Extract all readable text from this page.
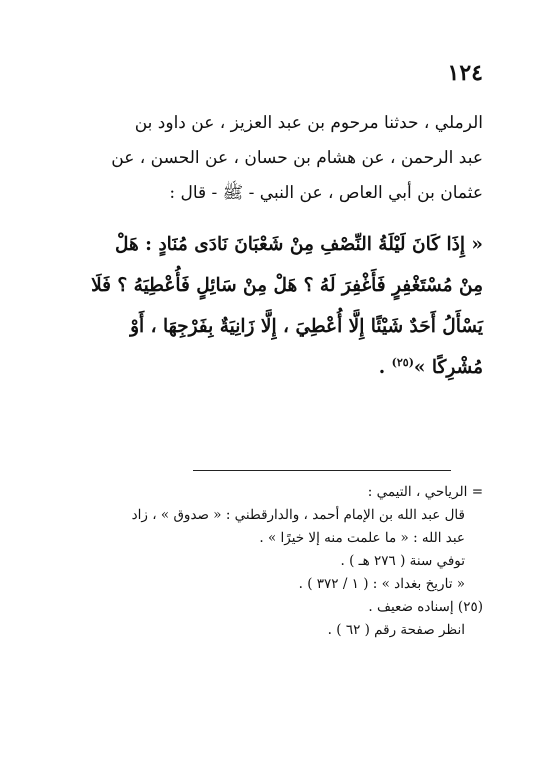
١٢٤
الرملي ، حدثنا مرحوم بن عبد العزيز ، عن داود بن
عبد الرحمن ، عن هشام بن حسان ، عن الحسن ، عن
عثمان بن أبي العاص ، عن النبي - ﷺ - قال :
« إِذَا كَانَ لَيْلَةُ النِّصْفِ مِنْ شَعْبَانَ نَادَى مُنَادٍ : هَلْ
مِنْ مُسْتَغْفِرٍ فَأَغْفِرَ لَهُ ؟ هَلْ مِنْ سَائِلٍ فَأُعْطِيَهُ ؟ فَلَا
يَسْأَلُ أَحَدٌ شَيْئًا إِلَّا أُعْطِيَ ، إِلَّا زَانِيَةٌ بِفَرْجِهَا ، أَوْ
مُشْرِكًا »$^{(٢٥)}$ .
= الرياحي ، التيمي :
قال عبد الله بن الإمام أحمد ، والدارقطني : « صدوق » ، زاد
عبد الله : « ما علمت منه إلا خيرًا » .
توفي سنة ( ٢٧٦ هـ ) .
« تاريخ بغداد » : ( ١ / ٣٧٢ ) .
(٢٥) إسناده ضعيف .
انظر صفحة رقم ( ٦٢ ) .
